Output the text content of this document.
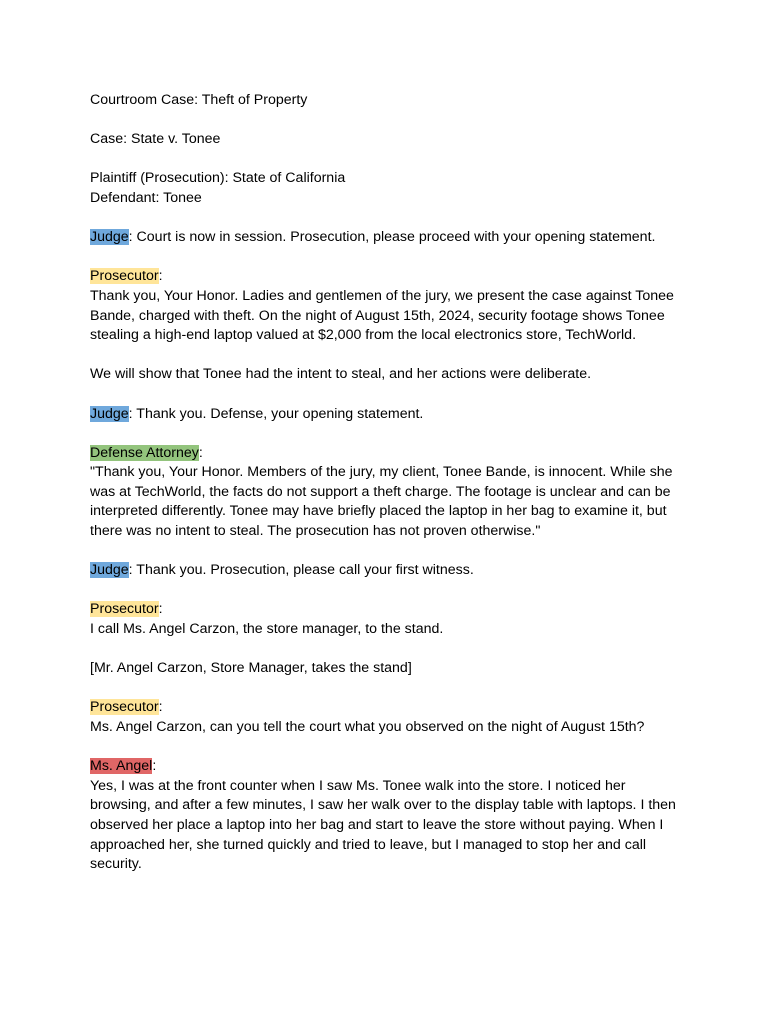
Courtroom Case: Theft of Property

Case: State v. Tonee

Plaintiff (Prosecution): State of California

Defendant: Tonee

Judge: Court is now in session. Prosecution, please proceed with your opening statement.

Prosecutor:

Thank you, Your Honor. Ladies and gentlemen of the jury, we present the case against Tonee Bande, charged with theft. On the night of August 15th, 2024, security footage shows Tonee stealing a high-end laptop valued at $2,000 from the local electronics store, TechWorld.

We will show that Tonee had the intent to steal, and her actions were deliberate.

Judge: Thank you. Defense, your opening statement.

Defense Attorney:

"Thank you, Your Honor. Members of the jury, my client, Tonee Bande, is innocent. While she was at TechWorld, the facts do not support a theft charge. The footage is unclear and can be interpreted differently. Tonee may have briefly placed the laptop in her bag to examine it, but there was no intent to steal. The prosecution has not proven otherwise."

Judge: Thank you. Prosecution, please call your first witness.

Prosecutor:

I call Ms. Angel Carzon, the store manager, to the stand.

[Mr. Angel Carzon, Store Manager, takes the stand]

Prosecutor:

Ms. Angel Carzon, can you tell the court what you observed on the night of August 15th?

Ms. Angel:

Yes, I was at the front counter when I saw Ms. Tonee walk into the store. I noticed her browsing, and after a few minutes, I saw her walk over to the display table with laptops. I then observed her place a laptop into her bag and start to leave the store without paying. When I approached her, she turned quickly and tried to leave, but I managed to stop her and call security.
